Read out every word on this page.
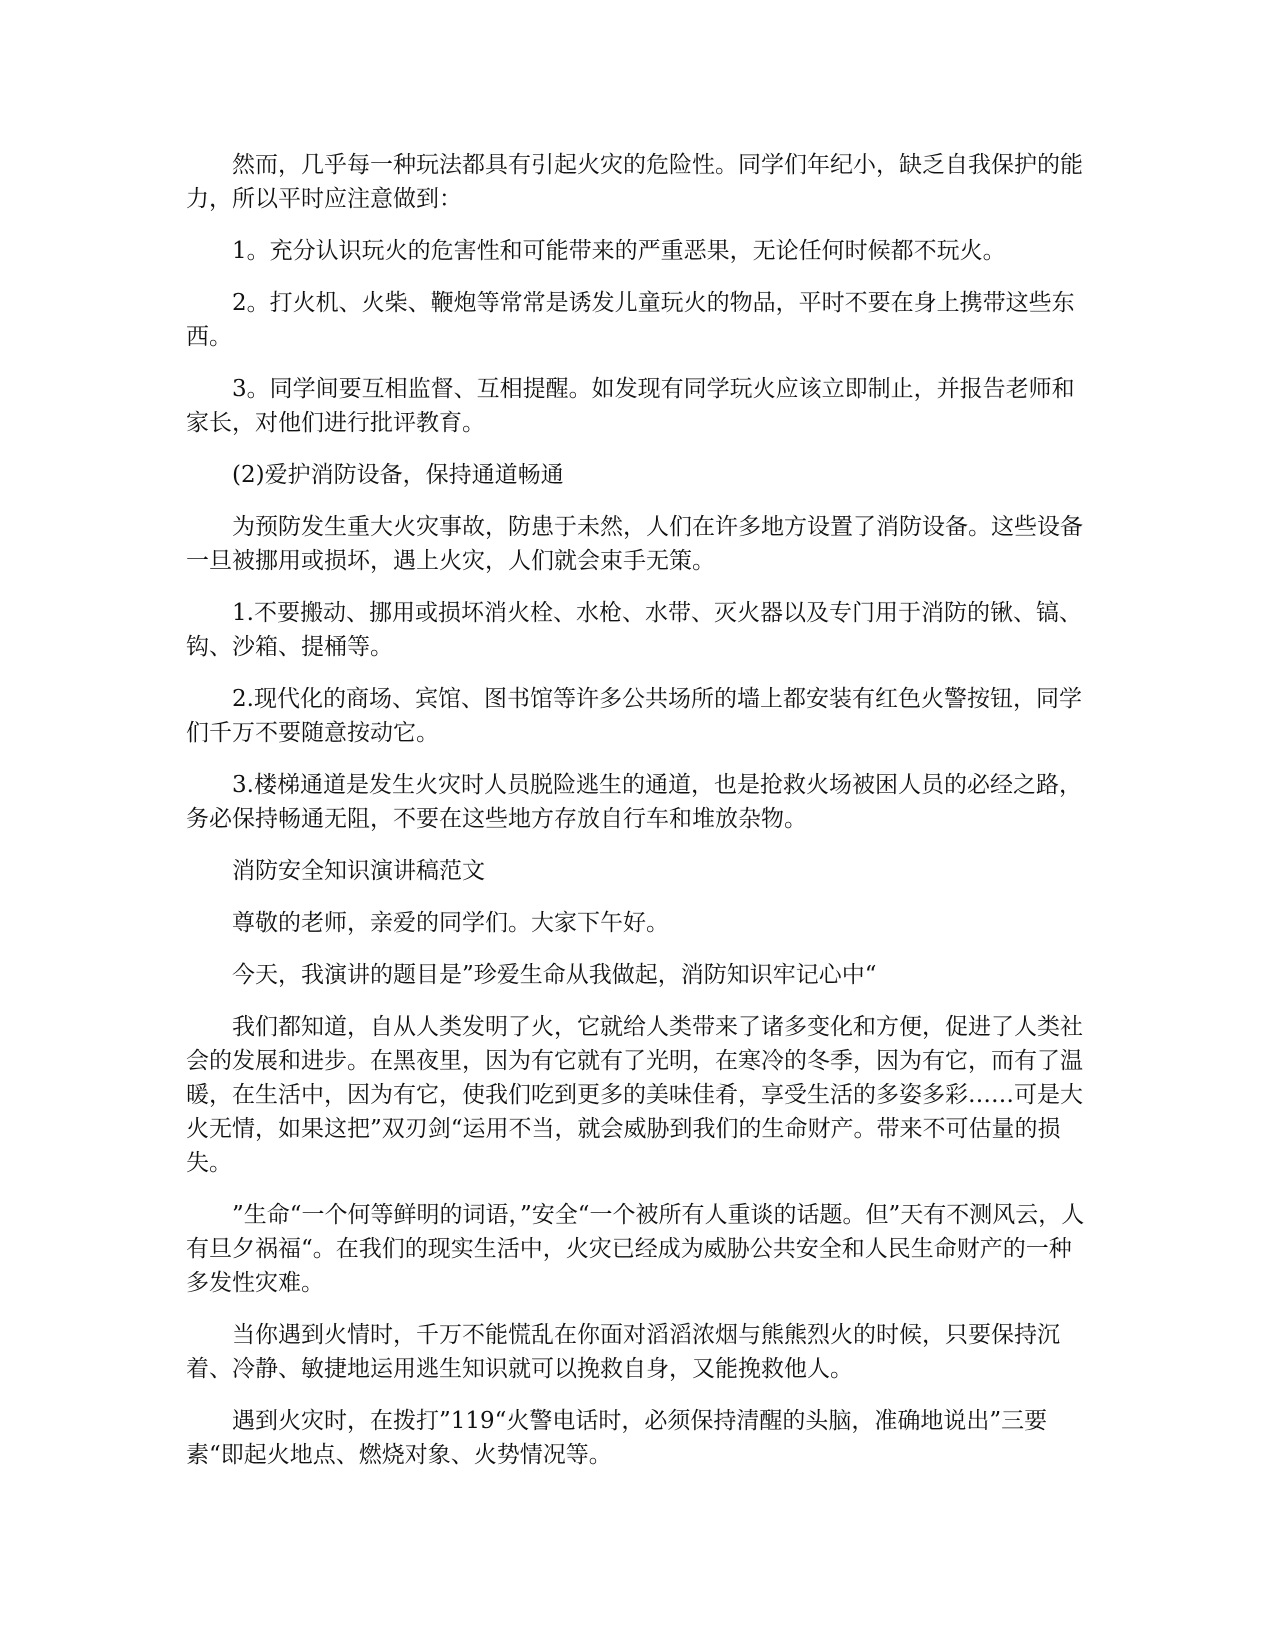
然而，几乎每一种玩法都具有引起火灾的危险性。同学们年纪小，缺乏自我保护的能力，所以平时应注意做到：

1。充分认识玩火的危害性和可能带来的严重恶果，无论任何时候都不玩火。

2。打火机、火柴、鞭炮等常常是诱发儿童玩火的物品，平时不要在身上携带这些东西。

3。同学间要互相监督、互相提醒。如发现有同学玩火应该立即制止，并报告老师和家长，对他们进行批评教育。

(2)爱护消防设备，保持通道畅通

为预防发生重大火灾事故，防患于未然，人们在许多地方设置了消防设备。这些设备一旦被挪用或损坏，遇上火灾，人们就会束手无策。

1.不要搬动、挪用或损坏消火栓、水枪、水带、灭火器以及专门用于消防的锹、镐、钩、沙箱、提桶等。

2.现代化的商场、宾馆、图书馆等许多公共场所的墙上都安装有红色火警按钮，同学们千万不要随意按动它。

3.楼梯通道是发生火灾时人员脱险逃生的通道，也是抢救火场被困人员的必经之路，务必保持畅通无阻，不要在这些地方存放自行车和堆放杂物。

消防安全知识演讲稿范文

尊敬的老师，亲爱的同学们。大家下午好。

今天，我演讲的题目是”珍爱生命从我做起，消防知识牢记心中“

我们都知道，自从人类发明了火，它就给人类带来了诸多变化和方便，促进了人类社会的发展和进步。在黑夜里，因为有它就有了光明，在寒冷的冬季，因为有它，而有了温暖，在生活中，因为有它，使我们吃到更多的美味佳肴，享受生活的多姿多彩……可是大火无情，如果这把”双刃剑“运用不当，就会威胁到我们的生命财产。带来不可估量的损失。

”生命“一个何等鲜明的词语，”安全“一个被所有人重谈的话题。但”天有不测风云，人有旦夕祸福“。在我们的现实生活中，火灾已经成为威胁公共安全和人民生命财产的一种多发性灾难。

当你遇到火情时，千万不能慌乱在你面对滔滔浓烟与熊熊烈火的时候，只要保持沉着、冷静、敏捷地运用逃生知识就可以挽救自身，又能挽救他人。

遇到火灾时，在拨打”119“火警电话时，必须保持清醒的头脑，准确地说出”三要素“即起火地点、燃烧对象、火势情况等。
